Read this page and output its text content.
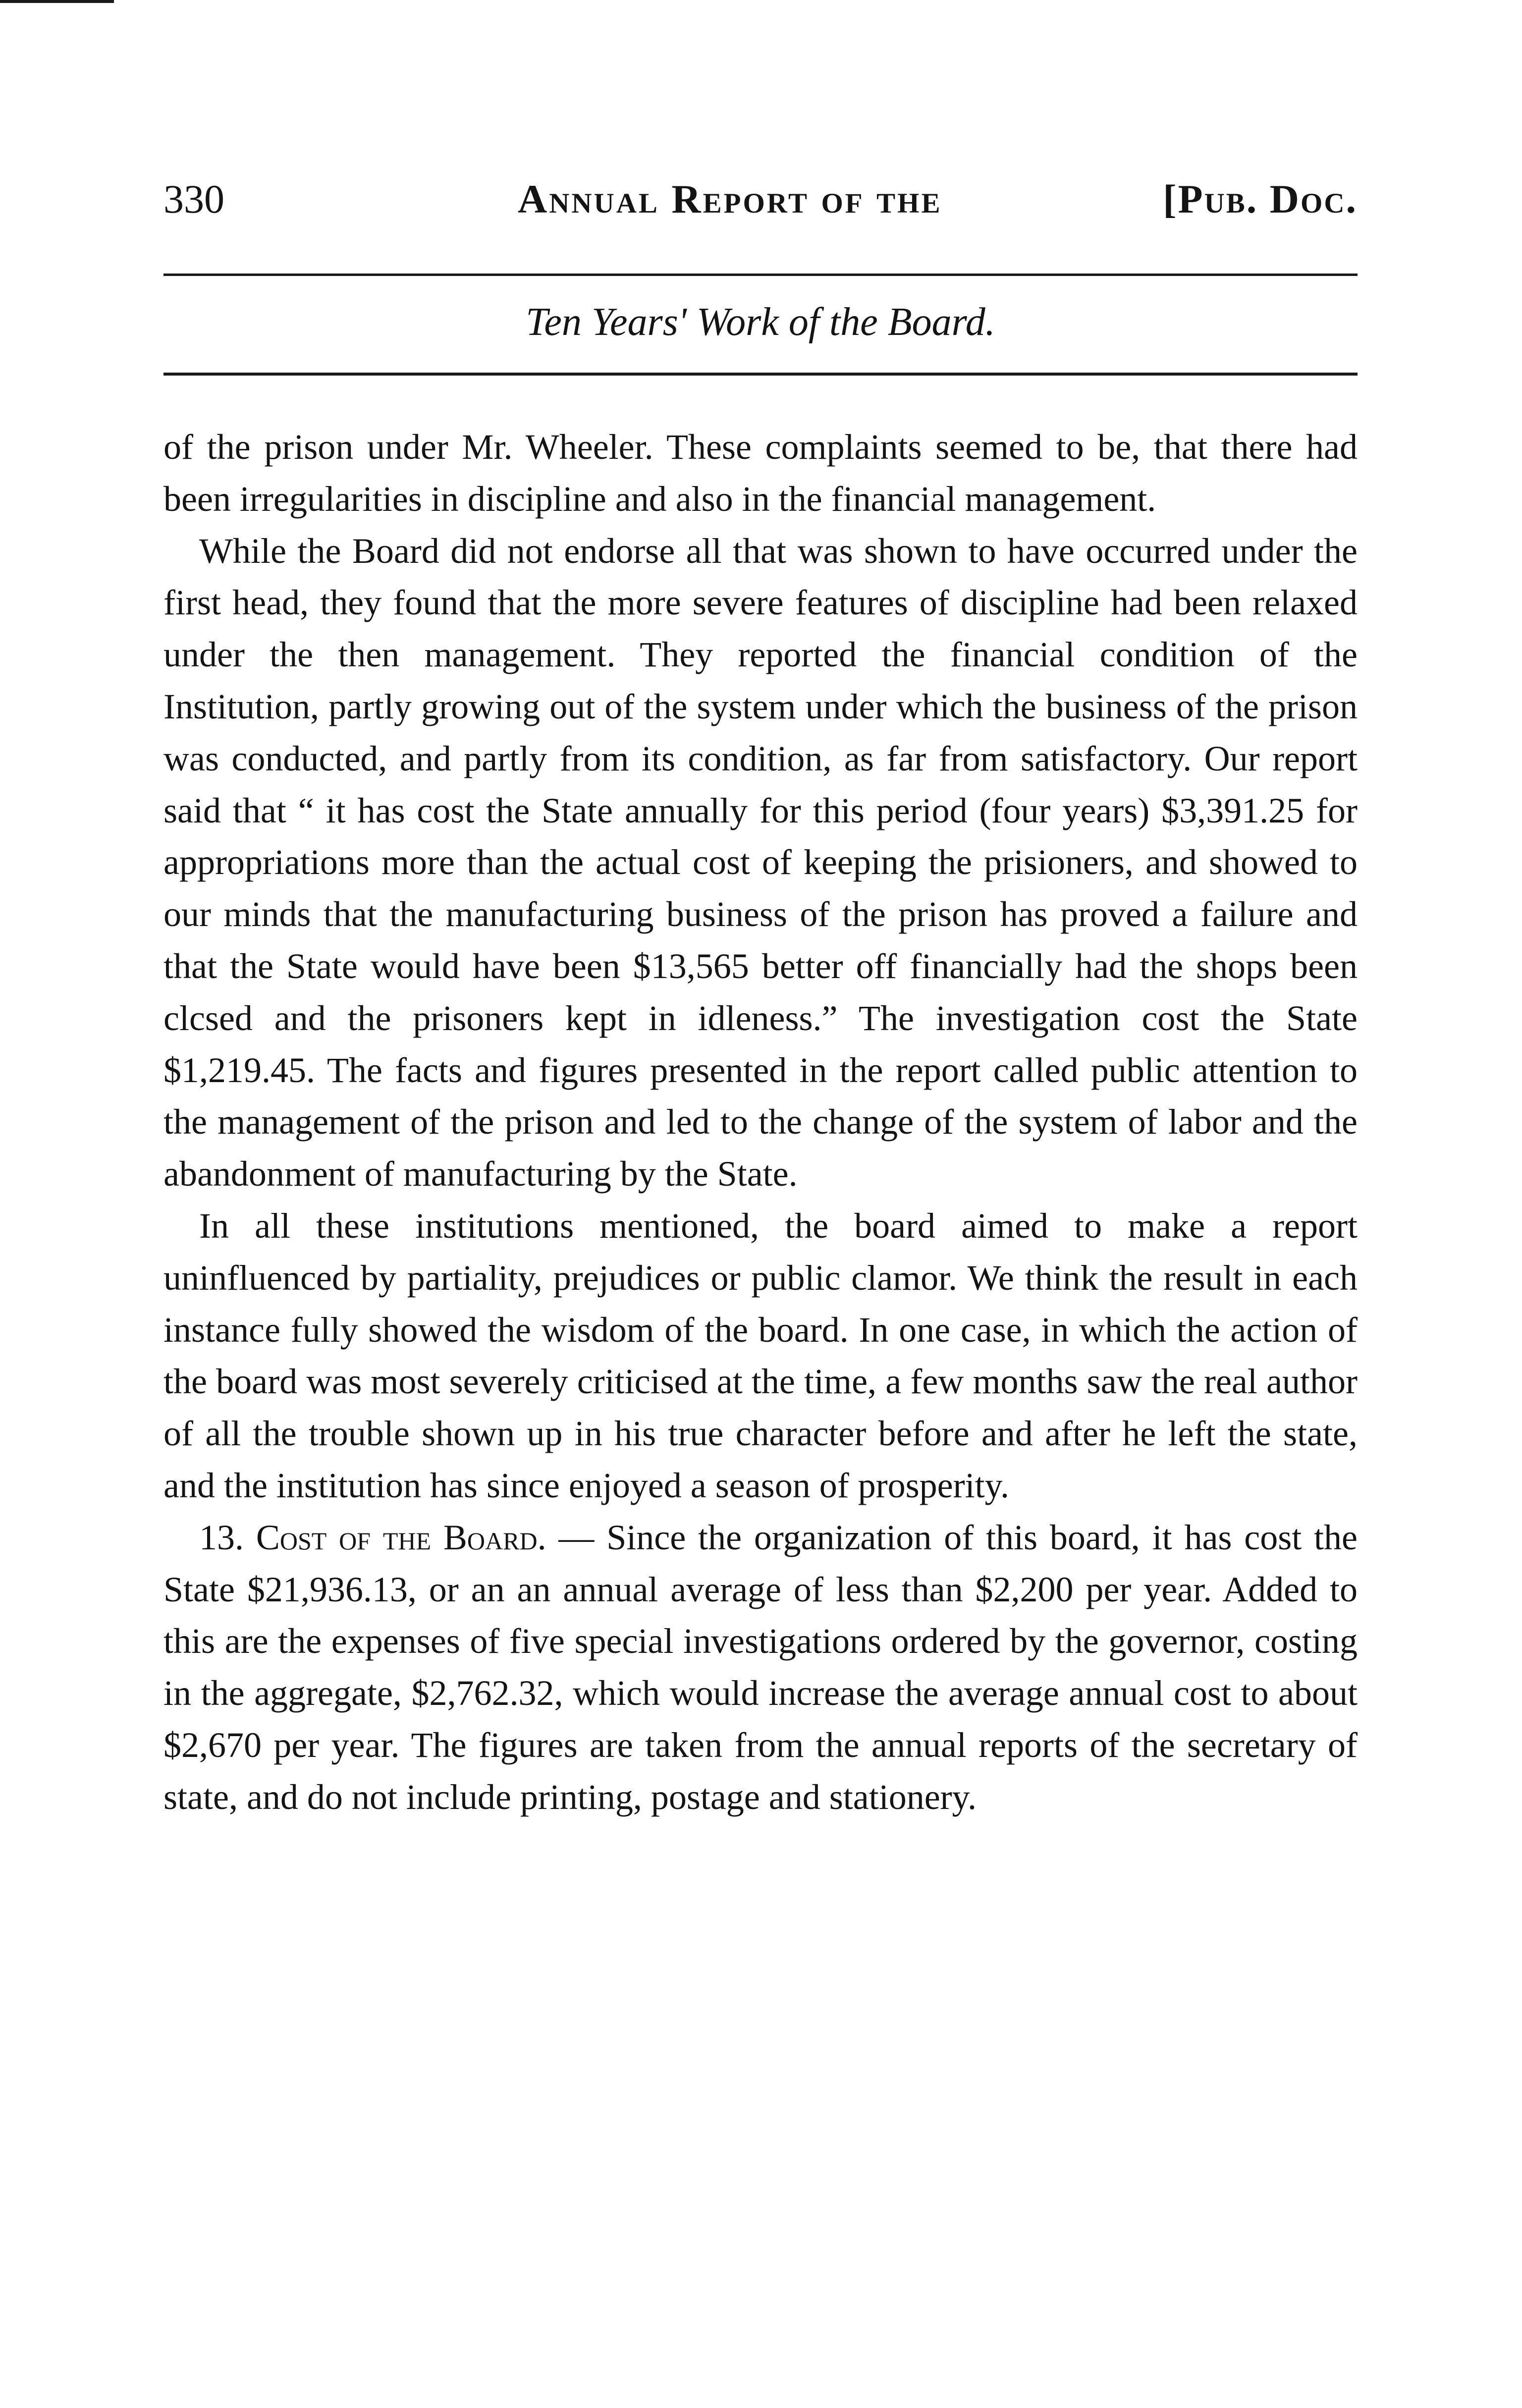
330	Annual Report of the	[Pub. Doc.
Ten Years' Work of the Board.

of the prison under Mr. Wheeler. These complaints seemed to be, that there had been irregularities in discipline and also in the financial management.

While the Board did not endorse all that was shown to have occurred under the first head, they found that the more severe features of discipline had been relaxed under the then management. They reported the financial condition of the Institution, partly growing out of the system under which the business of the prison was conducted, and partly from its condition, as far from satisfactory. Our report said that “ it has cost the State annually for this period (four years) $3,391.25 for appropriations more than the actual cost of keeping the prisioners, and showed to our minds that the manufacturing business of the prison has proved a failure and that the State would have been $13,565 better off financially had the shops been clcsed and the prisoners kept in idleness.” The investigation cost the State $1,219.45. The facts and figures presented in the report called public attention to the management of the prison and led to the change of the system of labor and the abandonment of manufacturing by the State.

In all these institutions mentioned, the board aimed to make a report uninfluenced by partiality, prejudices or public clamor. We think the result in each instance fully showed the wisdom of the board. In one case, in which the action of the board was most severely criticised at the time, a few months saw the real author of all the trouble shown up in his true character before and after he left the state, and the institution has since enjoyed a season of prosperity.

13. Cost of the Board. — Since the organization of this board, it has cost the State $21,936.13, or an an annual average of less than $2,200 per year. Added to this are the expenses of five special investigations ordered by the governor, costing in the aggregate, $2,762.32, which would increase the average annual cost to about $2,670 per year. The figures are taken from the annual reports of the secretary of state, and do not include printing, postage and stationery.
